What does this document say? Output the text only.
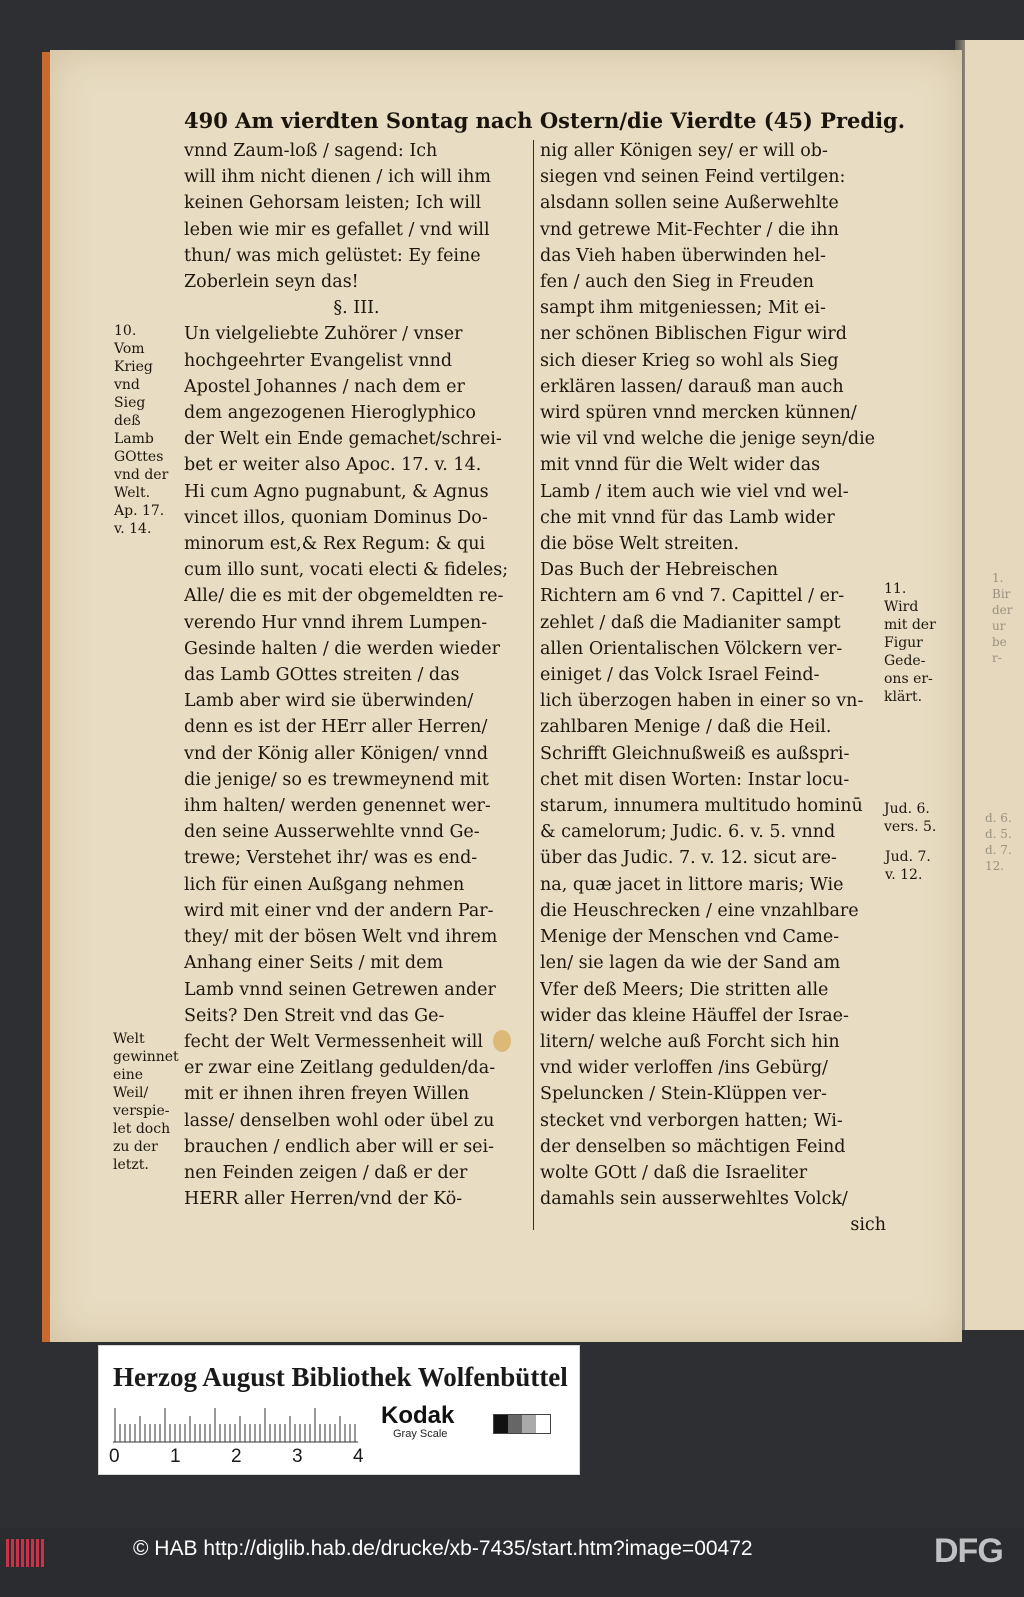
1.
Bir
der
ur
be
r-
d. 6.
d. 5.
d. 7.
12.
490 Am vierdten Sontag nach Ostern/die Vierdte (45) Predig.
vnnd Zaum-loß / sagend: Ich
will ihm nicht dienen / ich will ihm
keinen Gehorsam leisten; Ich will
leben wie mir es gefallet / vnd will
thun/ was mich gelüstet: Ey feine
Zoberlein seyn das!
§. III.
Un vielgeliebte Zuhörer / vnser
hochgeehrter Evangelist vnnd
Apostel Johannes / nach dem er
dem angezogenen Hieroglyphico
der Welt ein Ende gemachet/schrei-
bet er weiter also Apoc. 17. v. 14.
Hi cum Agno pugnabunt, & Agnus
vincet illos, quoniam Dominus Do-
minorum est,& Rex Regum: & qui
cum illo sunt, vocati electi & fideles;
Alle/ die es mit der obgemeldten re-
verendo Hur vnnd ihrem Lumpen-
Gesinde halten / die werden wieder
das Lamb GOttes streiten / das
Lamb aber wird sie überwinden/
denn es ist der HErr aller Herren/
vnd der König aller Königen/ vnnd
die jenige/ so es trewmeynend mit
ihm halten/ werden genennet wer-
den seine Ausserwehlte vnnd Ge-
trewe; Verstehet ihr/ was es end-
lich für einen Außgang nehmen
wird mit einer vnd der andern Par-
they/ mit der bösen Welt vnd ihrem
Anhang einer Seits / mit dem
Lamb vnnd seinen Getrewen ander
Seits? Den Streit vnd das Ge-
fecht der Welt Vermessenheit will
er zwar eine Zeitlang gedulden/da-
mit er ihnen ihren freyen Willen
lasse/ denselben wohl oder übel zu
brauchen / endlich aber will er sei-
nen Feinden zeigen / daß er der
HERR aller Herren/vnd der Kö-
nig aller Königen sey/ er will ob-
siegen vnd seinen Feind vertilgen:
alsdann sollen seine Außerwehlte
vnd getrewe Mit-Fechter / die ihn
das Vieh haben überwinden hel-
fen / auch den Sieg in Freuden
sampt ihm mitgeniessen; Mit ei-
ner schönen Biblischen Figur wird
sich dieser Krieg so wohl als Sieg
erklären lassen/ darauß man auch
wird spüren vnnd mercken künnen/
wie vil vnd welche die jenige seyn/die
mit vnnd für die Welt wider das
Lamb / item auch wie viel vnd wel-
che mit vnnd für das Lamb wider
die böse Welt streiten.
Das Buch der Hebreischen
Richtern am 6 vnd 7. Capittel / er-
zehlet / daß die Madianiter sampt
allen Orientalischen Völckern ver-
einiget / das Volck Israel Feind-
lich überzogen haben in einer so vn-
zahlbaren Menige / daß die Heil.
Schrifft Gleichnußweiß es außspri-
chet mit disen Worten: Instar locu-
starum, innumera multitudo hominū
& camelorum; Judic. 6. v. 5. vnnd
über das Judic. 7. v. 12. sicut are-
na, quæ jacet in littore maris; Wie
die Heuschrecken / eine vnzahlbare
Menige der Menschen vnd Came-
len/ sie lagen da wie der Sand am
Vfer deß Meers; Die stritten alle
wider das kleine Häuffel der Israe-
litern/ welche auß Forcht sich hin
vnd wider verloffen /ins Gebürg/
Speluncken / Stein-Klüppen ver-
stecket vnd verborgen hatten; Wi-
der denselben so mächtigen Feind
wolte GOtt / daß die Israeliter
damahls sein ausserwehltes Volck/
sich
10.
Vom
Krieg
vnd
Sieg
deß
Lamb
GOttes
vnd der
Welt.
Ap. 17.
v. 14.
Welt
gewinnet
eine
Weil/
verspie-
let doch
zu der
letzt.
11.
Wird
mit der
Figur
Gede-
ons er-
klärt.
Jud. 6.
vers. 5.
Jud. 7.
v. 12.
Herzog August Bibliothek Wolfenbüttel
0	1	2	3	4
Kodak
Gray Scale
© HAB http://diglib.hab.de/drucke/xb-7435/start.htm?image=00472	DFG
